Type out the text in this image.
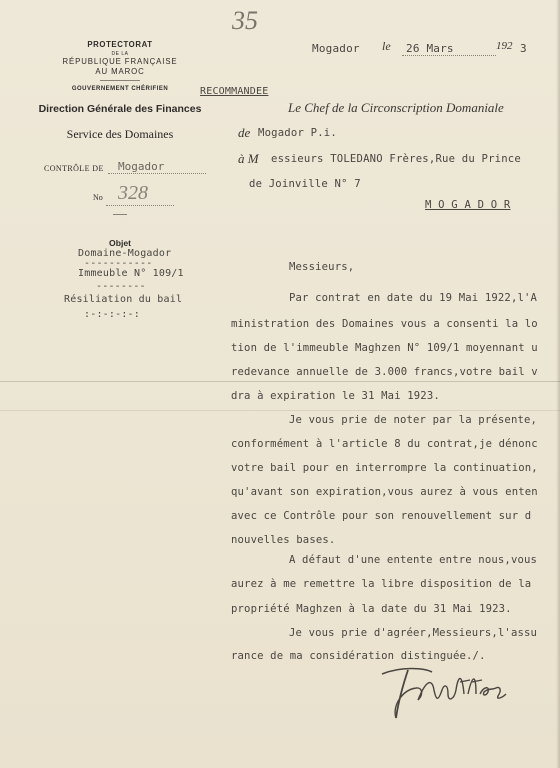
35
PROTECTORAT
DE LA
RÉPUBLIQUE FRANÇAISE
AU MAROC
GOUVERNEMENT CHÉRIFIEN
Direction Générale des Finances
Service des Domaines
CONTRÔLE DE	Mogador
No 328
Mogador le	26 Mars	192 3
RECOMMANDEE
Le Chef de la Circonscription Domaniale
de Mogador P.i.
à M essieurs TOLEDANO Frères,Rue du Prince
de Joinville N° 7
M O G A D O R
Objet
Domaine-Mogador
-----------
Immeuble N° 109/1
--------
Résiliation du bail
:-:-:-:-:
Messieurs,
Par contrat en date du 19 Mai 1922,l'A
ministration des Domaines vous a consenti la lo
tion de l'immeuble Maghzen N° 109/1 moyennant u
redevance annuelle de 3.000 francs,votre bail v
dra à expiration le 31 Mai 1923.
Je vous prie de noter par la présente,
conformément à l'article 8 du contrat,je dénonc
votre bail pour en interrompre la continuation,
qu'avant son expiration,vous aurez à vous enten
avec ce Contrôle pour son renouvellement sur d
nouvelles bases.
A défaut d'une entente entre nous,vous
aurez à me remettre la libre disposition de la
propriété Maghzen à la date du 31 Mai 1923.
Je vous prie d'agréer,Messieurs,l'assu
rance de ma considération distinguée./.
